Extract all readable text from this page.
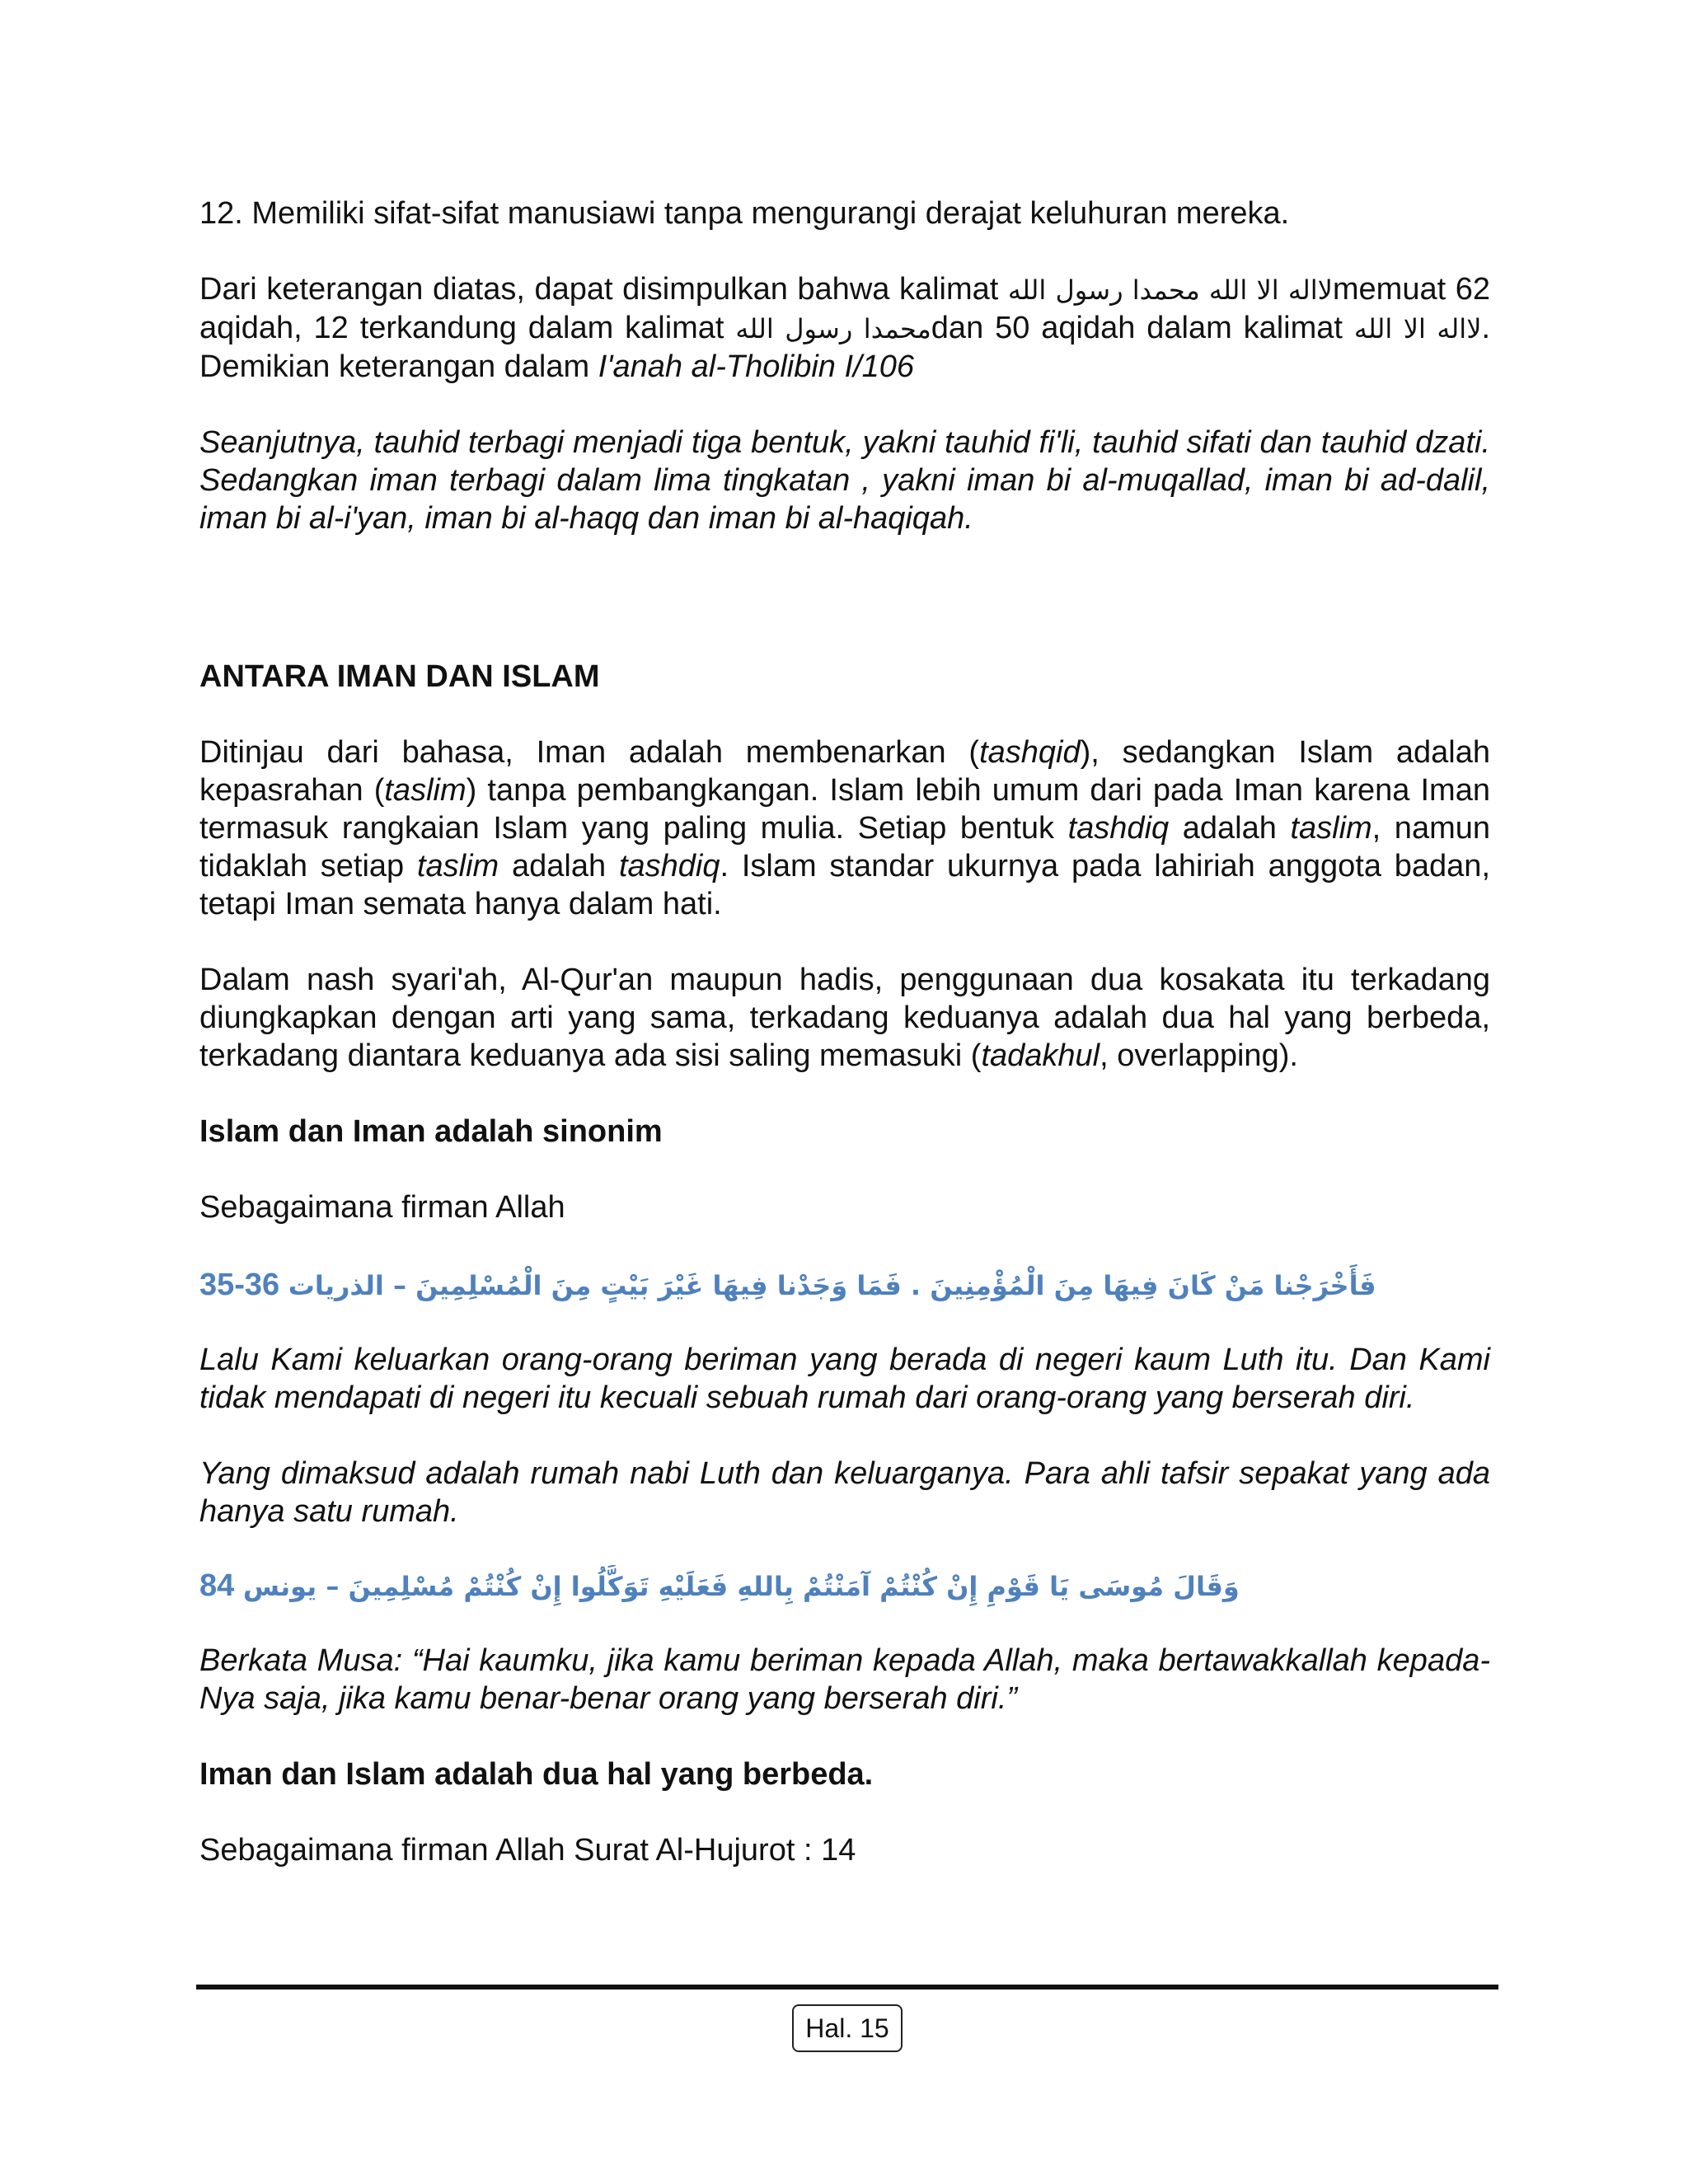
12. Memiliki sifat-sifat manusiawi tanpa mengurangi derajat keluhuran mereka.

Dari keterangan diatas, dapat disimpulkan bahwa kalimat لااله الا الله محمدا رسول اللهmemuat 62 aqidah, 12 terkandung dalam kalimat محمدا رسول اللهdan 50 aqidah dalam kalimat لااله الا الله. Demikian keterangan dalam I'anah al-Tholibin I/106

Seanjutnya, tauhid terbagi menjadi tiga bentuk, yakni tauhid fi'li, tauhid sifati dan tauhid dzati. Sedangkan iman terbagi dalam lima tingkatan , yakni iman bi al-muqallad, iman bi ad-dalil, iman bi al-i'yan, iman bi al-haqq dan iman bi al-haqiqah.

ANTARA IMAN DAN ISLAM

Ditinjau dari bahasa, Iman adalah membenarkan (tashqid), sedangkan Islam adalah kepasrahan (taslim) tanpa pembangkangan. Islam lebih umum dari pada Iman karena Iman termasuk rangkaian Islam yang paling mulia. Setiap bentuk tashdiq adalah taslim, namun tidaklah setiap taslim adalah tashdiq. Islam standar ukurnya pada lahiriah anggota badan, tetapi Iman semata hanya dalam hati.

Dalam nash syari'ah, Al-Qur'an maupun hadis, penggunaan dua kosakata itu terkadang diungkapkan dengan arti yang sama, terkadang keduanya adalah dua hal yang berbeda, terkadang diantara keduanya ada sisi saling memasuki (tadakhul, overlapping).

Islam dan Iman adalah sinonim

Sebagaimana firman Allah

35-36 فَأَخْرَجْنا مَنْ كَانَ فِيهَا مِنَ الْمُؤْمِنِينَ . فَمَا وَجَدْنا فِيهَا غَيْرَ بَيْتٍ مِنَ الْمُسْلِمِينَ – الذريات

Lalu Kami keluarkan orang-orang beriman yang berada di negeri kaum Luth itu. Dan Kami tidak mendapati di negeri itu kecuali sebuah rumah dari orang-orang yang berserah diri.

Yang dimaksud adalah rumah nabi Luth dan keluarganya. Para ahli tafsir sepakat yang ada hanya satu rumah.

84 وَقَالَ مُوسَى يَا قَوْمِ إِنْ كُنْتُمْ آمَنْتُمْ بِاللهِ فَعَلَيْهِ تَوَكَّلُوا إِنْ كُنْتُمْ مُسْلِمِينَ – يونس

Berkata Musa: “Hai kaumku, jika kamu beriman kepada Allah, maka bertawakkallah kepada-Nya saja, jika kamu benar-benar orang yang berserah diri.”

Iman dan Islam adalah dua hal yang berbeda.

Sebagaimana firman Allah Surat Al-Hujurot : 14

Hal. 15
